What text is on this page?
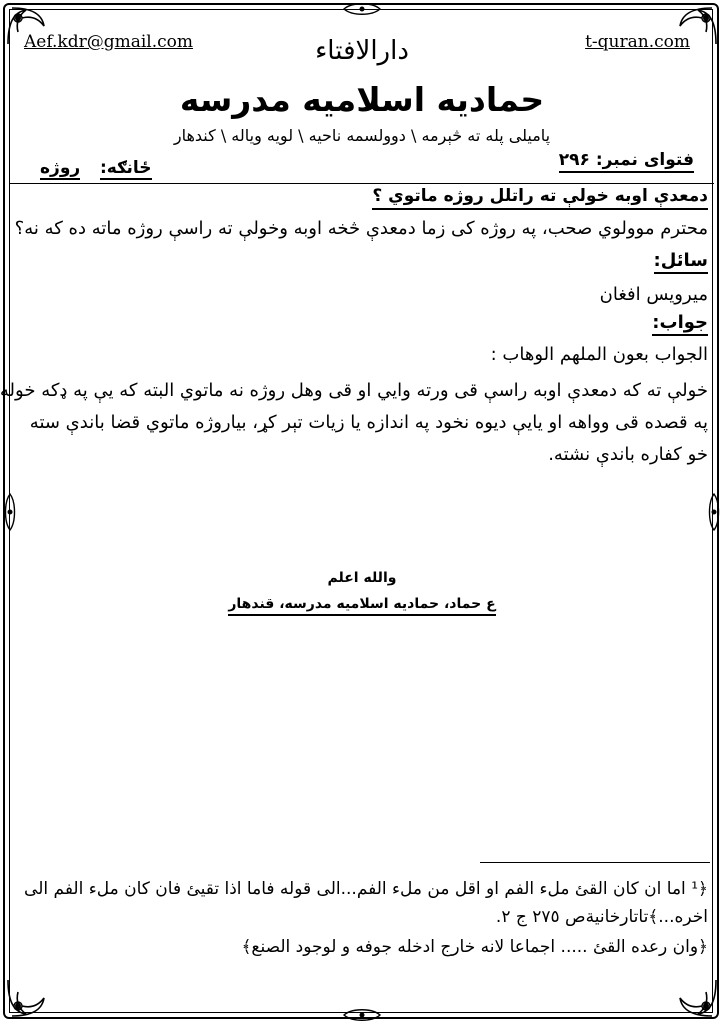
Aef.kdr@gmail.com	t-quran.com
دارالافتاء
حمادیه اسلامیه مدرسه
پامیلی پله ته څېرمه \ دوولسمه ناحیه \ لویه ویاله \ کندهار
فتوای نمبر: ۲۹۶
ځانګه:
روژه
دمعدې اوبه خولې ته راتلل روژه ماتوي ؟
محترم موولوي صحب، په روژه کی زما دمعدې څخه اوبه وخولې ته راسې روژه ماته ده که نه؟
سائل:
میرویس افغان
جواب:
الجواب بعون الملهم الوهاب :
خولې ته که دمعدې اوبه راسې قی ورته وایي او قی وهل روژه نه ماتوي البته که یې په ډکه خوله
په قصده قی وواهه او یایې دیوه نخود په اندازه یا زیات تېر کړ، بیاروژه ماتوي قضا باندې سته
خو کفاره باندې نشته.
والله اعلم
ع حماد، حمادیه اسلامیه مدرسه، قندهار
﴿¹ اما ان کان القئ ملء الفم او اقل من ملء الفم...الی قوله فاما اذا تقیئ فان کان ملء الفم الی
اخره...﴾تاتارخانیةص ٢٧٥ ج ٢.
﴿وان رعده القئ ..... اجماعا لانه خارج ادخله جوفه و لوجود الصنع﴾
